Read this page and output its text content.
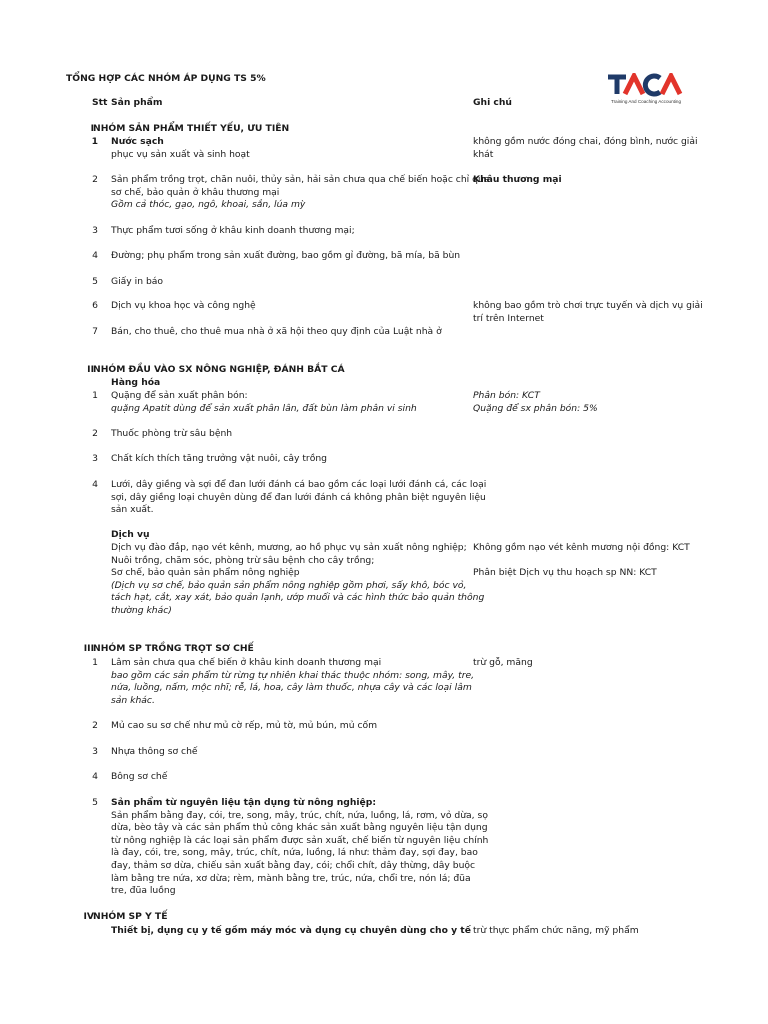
TỔNG HỢP CÁC NHÓM ÁP DỤNG TS 5%
Training And Coaching Accounting
Stt Sản phẩm	Ghi chú
I NHÓM SẢN PHẨM THIẾT YẾU, ƯU TIÊN
1 Nước sạch
phục vụ sản xuất và sinh hoạt
không gồm nước đóng chai, đóng bình, nước giải
khát
2 Sản phẩm trồng trọt, chăn nuôi, thủy sản, hải sản chưa qua chế biến hoặc chỉ qua
sơ chế, bảo quản ở khâu thương mại
Gồm cả thóc, gạo, ngô, khoai, sắn, lúa mỳ
Khâu thương mại
3 Thực phẩm tươi sống ở khâu kinh doanh thương mại;
4 Đường; phụ phẩm trong sản xuất đường, bao gồm gỉ đường, bã mía, bã bùn
5 Giấy in báo
6 Dịch vụ khoa học và công nghệ	không bao gồm trò chơi trực tuyến và dịch vụ giải
trí trên Internet
7 Bán, cho thuê, cho thuê mua nhà ở xã hội theo quy định của Luật nhà ở
II NHÓM ĐẦU VÀO SX NÔNG NGHIỆP, ĐÁNH BẮT CÁ
Hàng hóa
1 Quặng để sản xuất phân bón:
quặng Apatit dùng để sản xuất phân lân, đất bùn làm phân vi sinh
Phân bón: KCT
Quặng để sx phân bón: 5%
2 Thuốc phòng trừ sâu bệnh
3 Chất kích thích tăng trưởng vật nuôi, cây trồng
4 Lưới, dây giềng và sợi để đan lưới đánh cá bao gồm các loại lưới đánh cá, các loại
sợi, dây giềng loại chuyên dùng để đan lưới đánh cá không phân biệt nguyên liệu
sản xuất.
Dịch vụ
Dịch vụ đào đắp, nạo vét kênh, mương, ao hồ phục vụ sản xuất nông nghiệp;
Nuôi trồng, chăm sóc, phòng trừ sâu bệnh cho cây trồng;
Sơ chế, bảo quản sản phẩm nông nghiệp
(Dịch vụ sơ chế, bảo quản sản phẩm nông nghiệp gồm phơi, sấy khô, bóc vỏ,
tách hạt, cắt, xay xát, bảo quản lạnh, ướp muối và các hình thức bảo quản thông
thường khác)
Không gồm nạo vét kênh mương nội đồng: KCT
Phân biệt Dịch vụ thu hoạch sp NN: KCT
III NHÓM SP TRỒNG TRỌT SƠ CHẾ
1 Lâm sản chưa qua chế biến ở khâu kinh doanh thương mại
bao gồm các sản phẩm từ rừng tự nhiên khai thác thuộc nhóm: song, mây, tre,
nứa, luồng, nấm, mộc nhĩ; rễ, lá, hoa, cây làm thuốc, nhựa cây và các loại lâm
sản khác.
trừ gỗ, măng
2 Mủ cao su sơ chế như mủ cờ rếp, mủ tờ, mủ bún, mủ cốm
3 Nhựa thông sơ chế
4 Bông sơ chế
5 Sản phẩm từ nguyên liệu tận dụng từ nông nghiệp:
Sản phẩm bằng đay, cói, tre, song, mây, trúc, chít, nứa, luồng, lá, rơm, vỏ dừa, sọ
dừa, bèo tây và các sản phẩm thủ công khác sản xuất bằng nguyên liệu tận dụng
từ nông nghiệp là các loại sản phẩm được sản xuất, chế biến từ nguyên liệu chính
là đay, cói, tre, song, mây, trúc, chít, nứa, luồng, lá như: thảm đay, sợi đay, bao
đay, thảm sơ dừa, chiếu sản xuất bằng đay, cói; chổi chít, dây thừng, dây buộc
làm bằng tre nứa, xơ dừa; rèm, mành bằng tre, trúc, nứa, chổi tre, nón lá; đũa
tre, đũa luồng
IV NHÓM SP Y TẾ
Thiết bị, dụng cụ y tế gồm máy móc và dụng cụ chuyên dùng cho y tế trừ thực phẩm chức năng, mỹ phẩm
